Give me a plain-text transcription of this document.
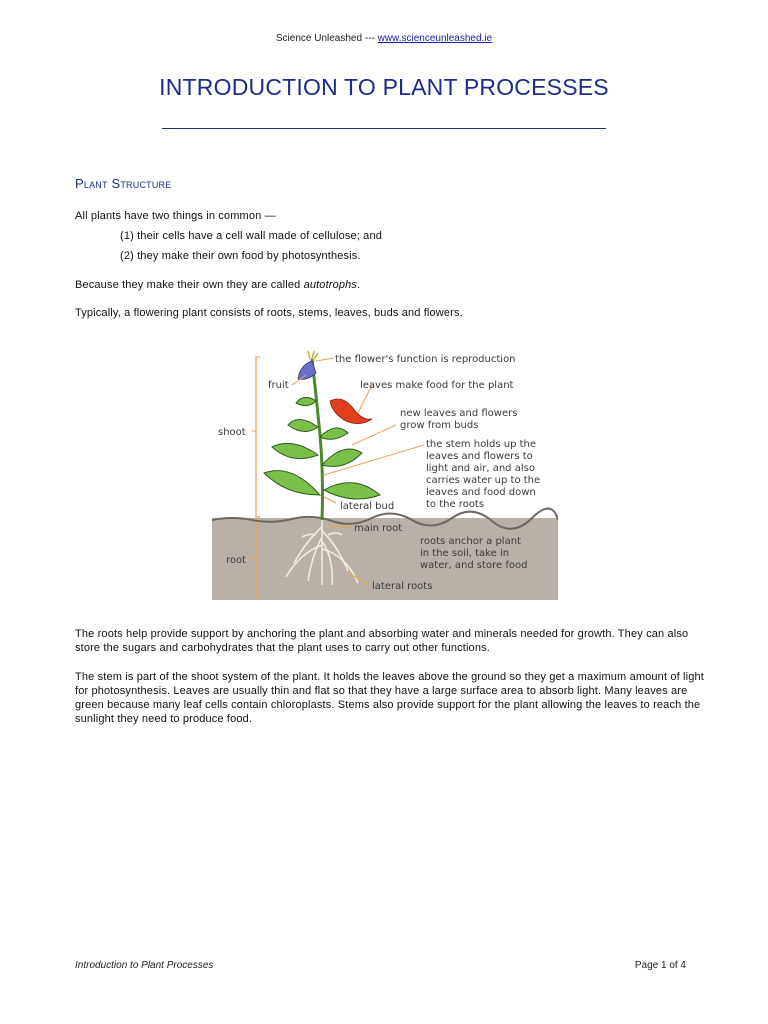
Science Unleashed --- www.scienceunleashed.ie
INTRODUCTION TO PLANT PROCESSES
Plant Structure
All plants have two things in common —
(1) their cells have a cell wall made of cellulose; and
(2) they make their own food by photosynthesis.
Because they make their own they are called autotrophs.
Typically, a flowering plant consists of roots, stems, leaves, buds and flowers.
the flower's function is reproduction
fruit	leaves make food for the plant
new leaves and flowers
grow from buds
shoot
the stem holds up the
leaves and flowers to
light and air, and also
carries water up to the
leaves and food down
to the roots
lateral bud
main root
root
roots anchor a plant
in the soil, take in
water, and store food
lateral roots
The roots help provide support by anchoring the plant and absorbing water and minerals needed for growth. They can also store the sugars and carbohydrates that the plant uses to carry out other functions.
The stem is part of the shoot system of the plant. It holds the leaves above the ground so they get a maximum amount of light for photosynthesis. Leaves are usually thin and flat so that they have a large surface area to absorb light. Many leaves are green because many leaf cells contain chloroplasts. Stems also provide support for the plant allowing the leaves to reach the sunlight they need to produce food.
Introduction to Plant Processes	Page 1 of 4
